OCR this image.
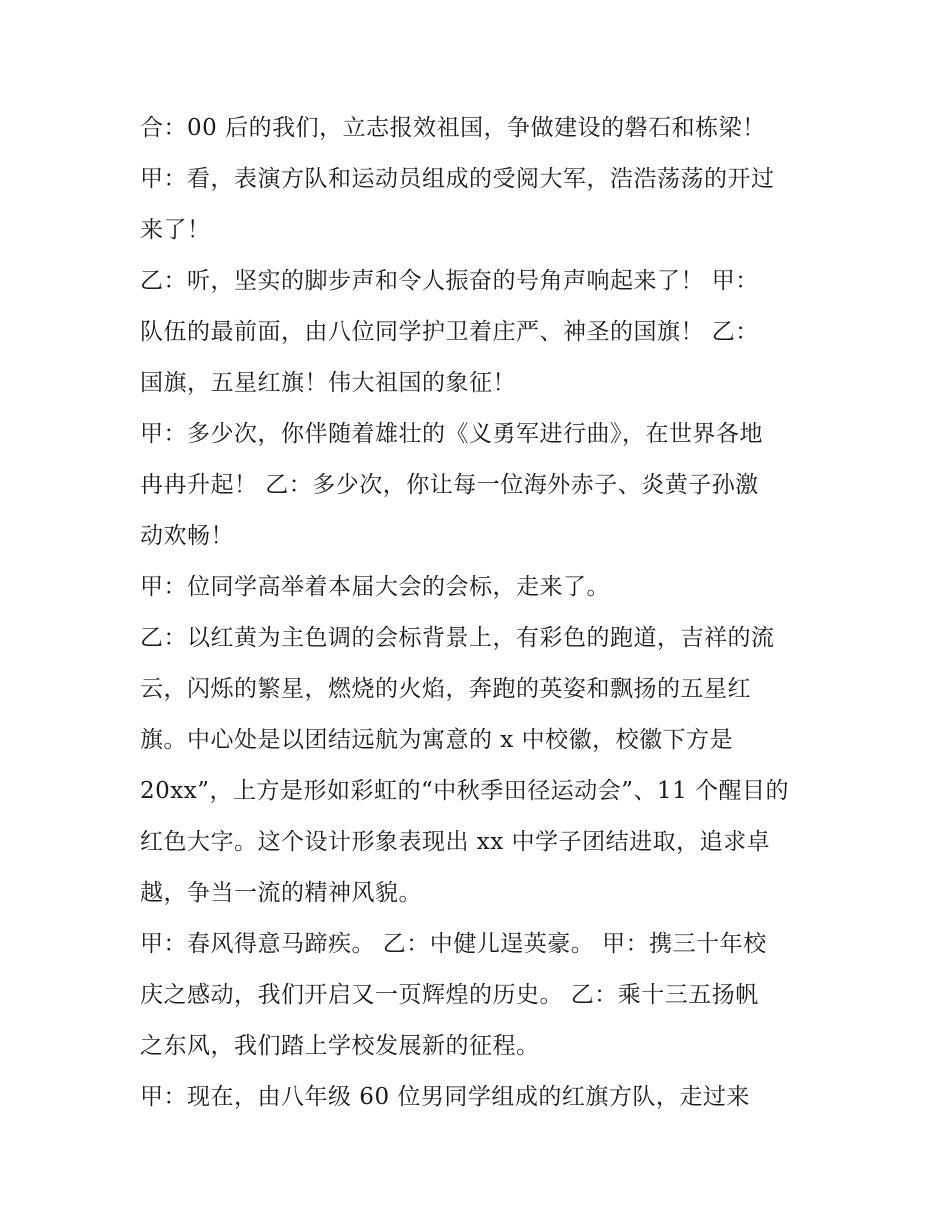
合：00 后的我们，立志报效祖国，争做建设的磐石和栋梁！

甲：看，表演方队和运动员组成的受阅大军，浩浩荡荡的开过
来了！

乙：听，坚实的脚步声和令人振奋的号角声响起来了！ 甲：
队伍的最前面，由八位同学护卫着庄严、神圣的国旗！ 乙：
国旗，五星红旗！伟大祖国的象征！

甲：多少次，你伴随着雄壮的《义勇军进行曲》，在世界各地
冉冉升起！ 乙：多少次，你让每一位海外赤子、炎黄子孙激
动欢畅！

甲：位同学高举着本届大会的会标，走来了。

乙：以红黄为主色调的会标背景上，有彩色的跑道，吉祥的流
云，闪烁的繁星，燃烧的火焰，奔跑的英姿和飘扬的五星红
旗。中心处是以团结远航为寓意的 x 中校徽，校徽下方是
20xx”，上方是形如彩虹的“中秋季田径运动会”、11 个醒目的
红色大字。这个设计形象表现出 xx 中学子团结进取，追求卓
越，争当一流的精神风貌。

甲：春风得意马蹄疾。 乙：中健儿逞英豪。 甲：携三十年校
庆之感动，我们开启又一页辉煌的历史。 乙：乘十三五扬帆
之东风，我们踏上学校发展新的征程。

甲：现在，由八年级 60 位男同学组成的红旗方队，走过来
